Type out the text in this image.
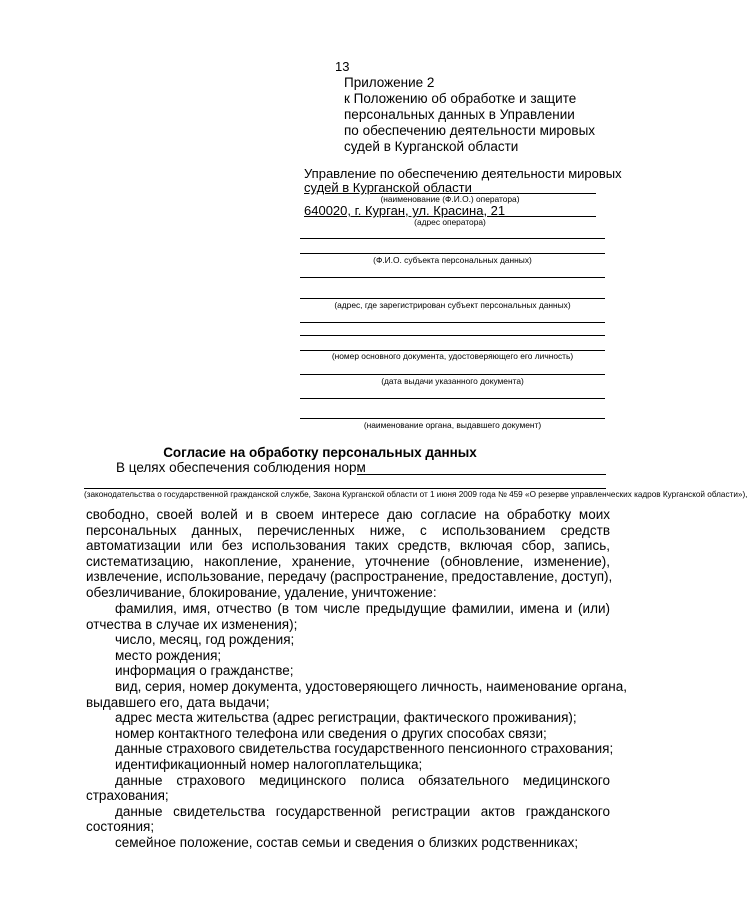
13
Приложение 2
к Положению об обработке и защите
персональных данных в Управлении
по обеспечению деятельности мировых
судей в Курганской области
Управление по обеспечению деятельности мировых
судей в Курганской области
(наименование (Ф.И.О.) оператора)
640020, г. Курган, ул. Красина, 21
(адрес оператора)
(Ф.И.О. субъекта персональных данных)
(адрес, где зарегистрирован субъект персональных данных)
(номер основного документа, удостоверяющего его личность)
(дата выдачи указанного документа)
(наименование органа, выдавшего документ)
Согласие на обработку персональных данных
В целях обеспечения соблюдения норм
(законодательства о государственной гражданской службе, Закона Курганской области от 1 июня 2009 года № 459 «О резерве управленческих кадров Курганской области»),
свободно, своей волей и в своем интересе даю согласие на обработку моих
персональных данных, перечисленных ниже, с использованием средств
автоматизации или без использования таких средств, включая сбор, запись,
систематизацию, накопление, хранение, уточнение (обновление, изменение),
извлечение, использование, передачу (распространение, предоставление, доступ),
обезличивание, блокирование, удаление, уничтожение:
фамилия, имя, отчество (в том числе предыдущие фамилии, имена и (или)
отчества в случае их изменения);
число, месяц, год рождения;
место рождения;
информация о гражданстве;
вид, серия, номер документа, удостоверяющего личность, наименование органа,
выдавшего его, дата выдачи;
адрес места жительства (адрес регистрации, фактического проживания);
номер контактного телефона или сведения о других способах связи;
данные страхового свидетельства государственного пенсионного страхования;
идентификационный номер налогоплательщика;
данные страхового медицинского полиса обязательного медицинского
страхования;
данные свидетельства государственной регистрации актов гражданского
состояния;
семейное положение, состав семьи и сведения о близких родственниках;
